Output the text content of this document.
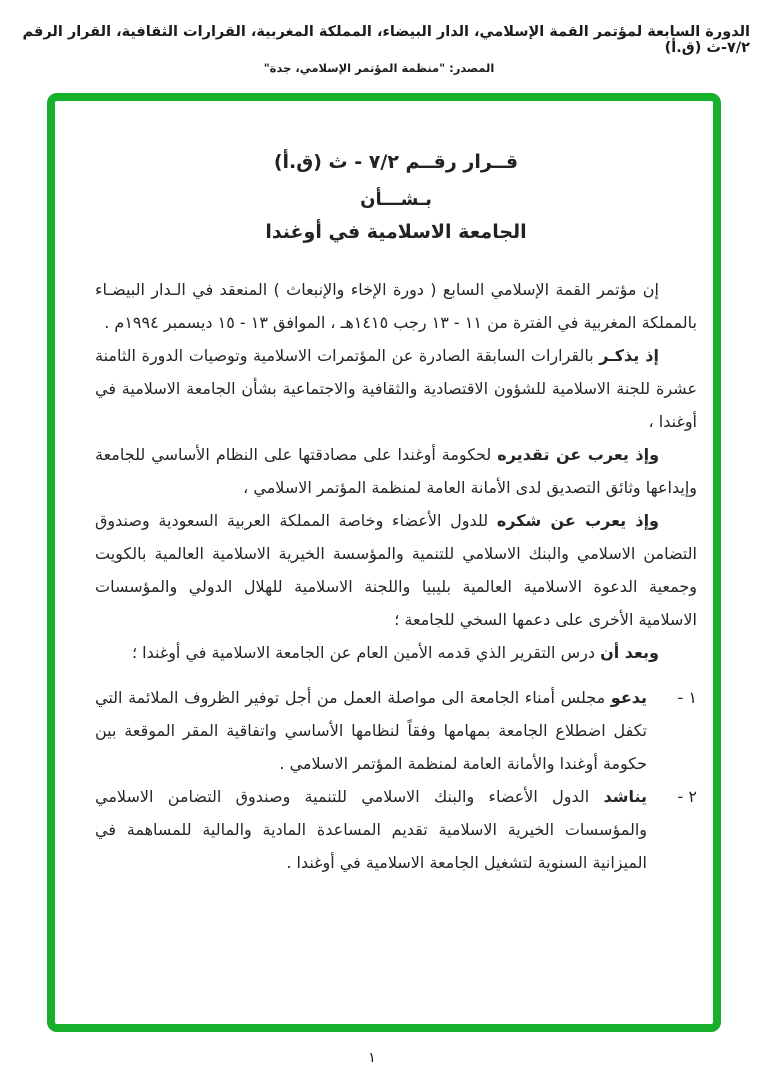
الدورة السابعة لمؤتمر القمة الإسلامي، الدار البيضاء، المملكة المغربية، القرارات الثقافية، القرار الرقم ٧/٢-ث (ق.أ)
المصدر: "منظمة المؤتمر الإسلامي، جدة"
قــرار رقــم ٧/٢ - ث (ق.أ)
بـشـــأن
الجامعة الاسلامية في أوغندا

إن مؤتمر القمة الإسلامي السابع ( دورة الإخاء والإنبعاث ) المنعقد في الـدار البيضـاء بالمملكة المغربية في الفترة من ١١ - ١٣ رجب ١٤١٥هـ ، الموافق ١٣ - ١٥ ديسمبر ١٩٩٤م .

إذ يذكـر بالقرارات السابقة الصادرة عن المؤتمرات الاسلامية وتوصيات الدورة الثامنة عشرة للجنة الاسلامية للشؤون الاقتصادية والثقافية والاجتماعية بشأن الجامعة الاسلامية في أوغندا ،

وإذ يعرب عن تقديره لحكومة أوغندا على مصادقتها على النظام الأساسي للجامعة وإيداعها وثائق التصديق لدى الأمانة العامة لمنظمة المؤتمر الاسلامي ،

وإذ يعرب عن شكره للدول الأعضاء وخاصة المملكة العربية السعودية وصندوق التضامن الاسلامي والبنك الاسلامي للتنمية والمؤسسة الخيرية الاسلامية العالمية بالكويت وجمعية الدعوة الاسلامية العالمية بليبيا واللجنة الاسلامية للهلال الدولي والمؤسسات الاسلامية الأخرى على دعمها السخي للجامعة ؛

وبعد أن درس التقرير الذي قدمه الأمين العام عن الجامعة الاسلامية في أوغندا ؛

١ -
يدعو مجلس أمناء الجامعة الى مواصلة العمل من أجل توفير الظروف الملائمة التي تكفل اضطلاع الجامعة بمهامها وفقاً لنظامها الأساسي واتفاقية المقر الموقعة بين حكومة أوغندا والأمانة العامة لمنظمة المؤتمر الاسلامي .
٢ -
يناشد الدول الأعضاء والبنك الاسلامي للتنمية وصندوق التضامن الاسلامي والمؤسسات الخيرية الاسلامية تقديم المساعدة المادية والمالية للمساهمة في الميزانية السنوية لتشغيل الجامعة الاسلامية في أوغندا .
١
